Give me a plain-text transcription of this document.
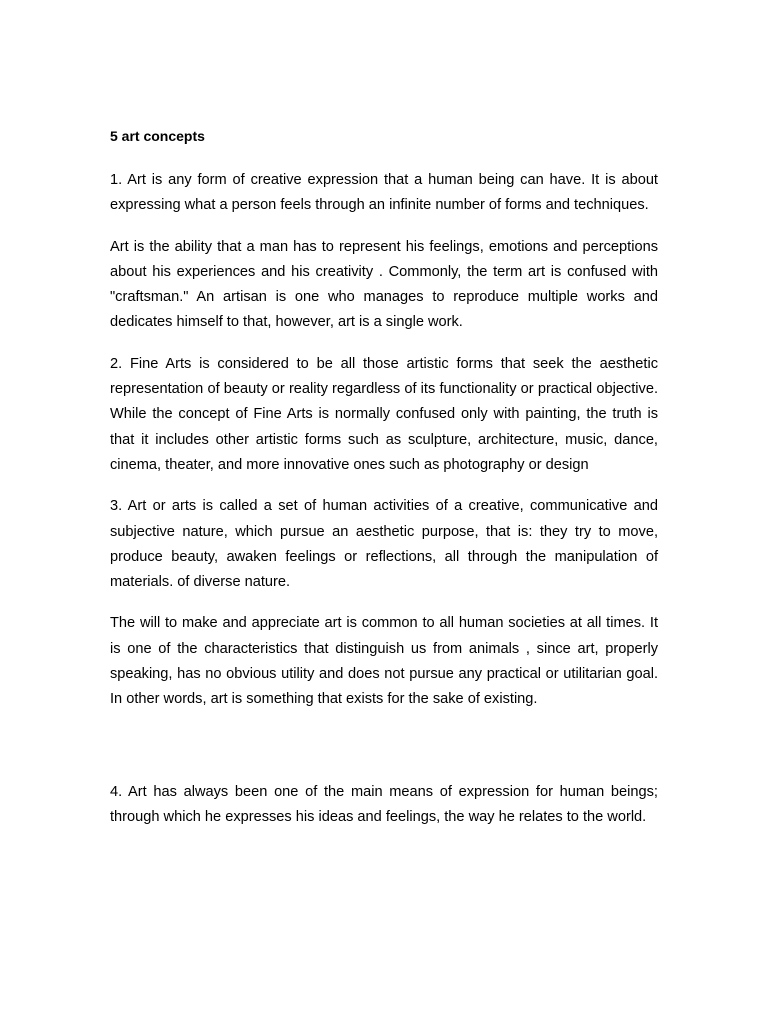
5 art concepts

1. Art is any form of creative expression that a human being can have. It is about expressing what a person feels through an infinite number of forms and techniques.

Art is the ability that a man has to represent his feelings, emotions and perceptions about his experiences and his creativity . Commonly, the term art is confused with "craftsman." An artisan is one who manages to reproduce multiple works and dedicates himself to that, however, art is a single work.

2. Fine Arts is considered to be all those artistic forms that seek the aesthetic representation of beauty or reality regardless of its functionality or practical objective. While the concept of Fine Arts is normally confused only with painting, the truth is that it includes other artistic forms such as sculpture, architecture, music, dance, cinema, theater, and more innovative ones such as photography or design

3. Art or arts is called a set of human activities of a creative, communicative and subjective nature, which pursue an aesthetic purpose, that is: they try to move, produce beauty, awaken feelings or reflections, all through the manipulation of materials. of diverse nature.

The will to make and appreciate art is common to all human societies at all times. It is one of the characteristics that distinguish us from animals , since art, properly speaking, has no obvious utility and does not pursue any practical or utilitarian goal. In other words, art is something that exists for the sake of existing.

4. Art has always been one of the main means of expression for human beings; through which he expresses his ideas and feelings, the way he relates to the world.
